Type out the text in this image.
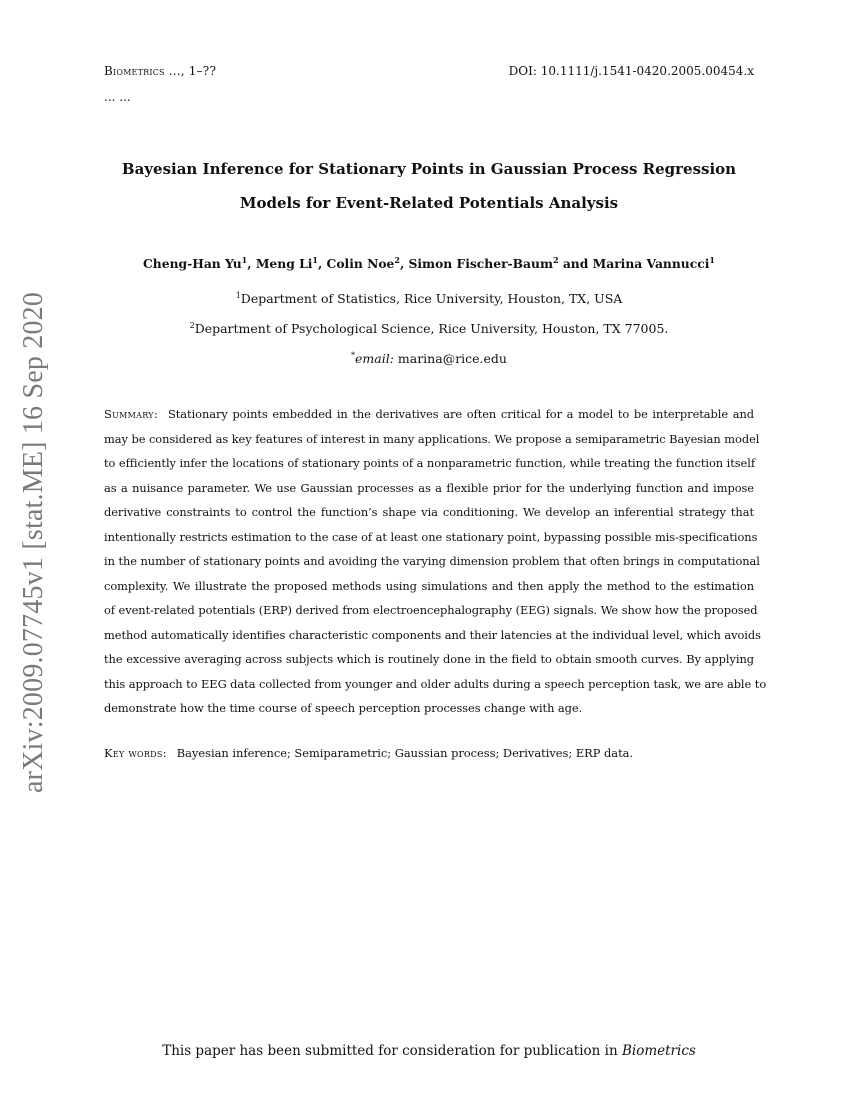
arXiv:2009.07745v1 [stat.ME] 16 Sep 2020
Biometrics ..., 1–??	DOI: 10.1111/j.1541-0420.2005.00454.x
... ...
Bayesian Inference for Stationary Points in Gaussian Process Regression
Models for Event-Related Potentials Analysis
Cheng-Han Yu$^1$, Meng Li$^1$, Colin Noe$^2$, Simon Fischer-Baum$^2$ and Marina Vannucci$^1$
$^1$Department of Statistics, Rice University, Houston, TX, USA
$^2$Department of Psychological Science, Rice University, Houston, TX 77005.
*email: marina@rice.edu
Summary: Stationary points embedded in the derivatives are often critical for a model to be interpretable and
may be considered as key features of interest in many applications. We propose a semiparametric Bayesian model
to efficiently infer the locations of stationary points of a nonparametric function, while treating the function itself
as a nuisance parameter. We use Gaussian processes as a flexible prior for the underlying function and impose
derivative constraints to control the function’s shape via conditioning. We develop an inferential strategy that
intentionally restricts estimation to the case of at least one stationary point, bypassing possible mis-specifications
in the number of stationary points and avoiding the varying dimension problem that often brings in computational
complexity. We illustrate the proposed methods using simulations and then apply the method to the estimation
of event-related potentials (ERP) derived from electroencephalography (EEG) signals. We show how the proposed
method automatically identifies characteristic components and their latencies at the individual level, which avoids
the excessive averaging across subjects which is routinely done in the field to obtain smooth curves. By applying
this approach to EEG data collected from younger and older adults during a speech perception task, we are able to
demonstrate how the time course of speech perception processes change with age.
Key words: Bayesian inference; Semiparametric; Gaussian process; Derivatives; ERP data.
This paper has been submitted for consideration for publication in Biometrics
